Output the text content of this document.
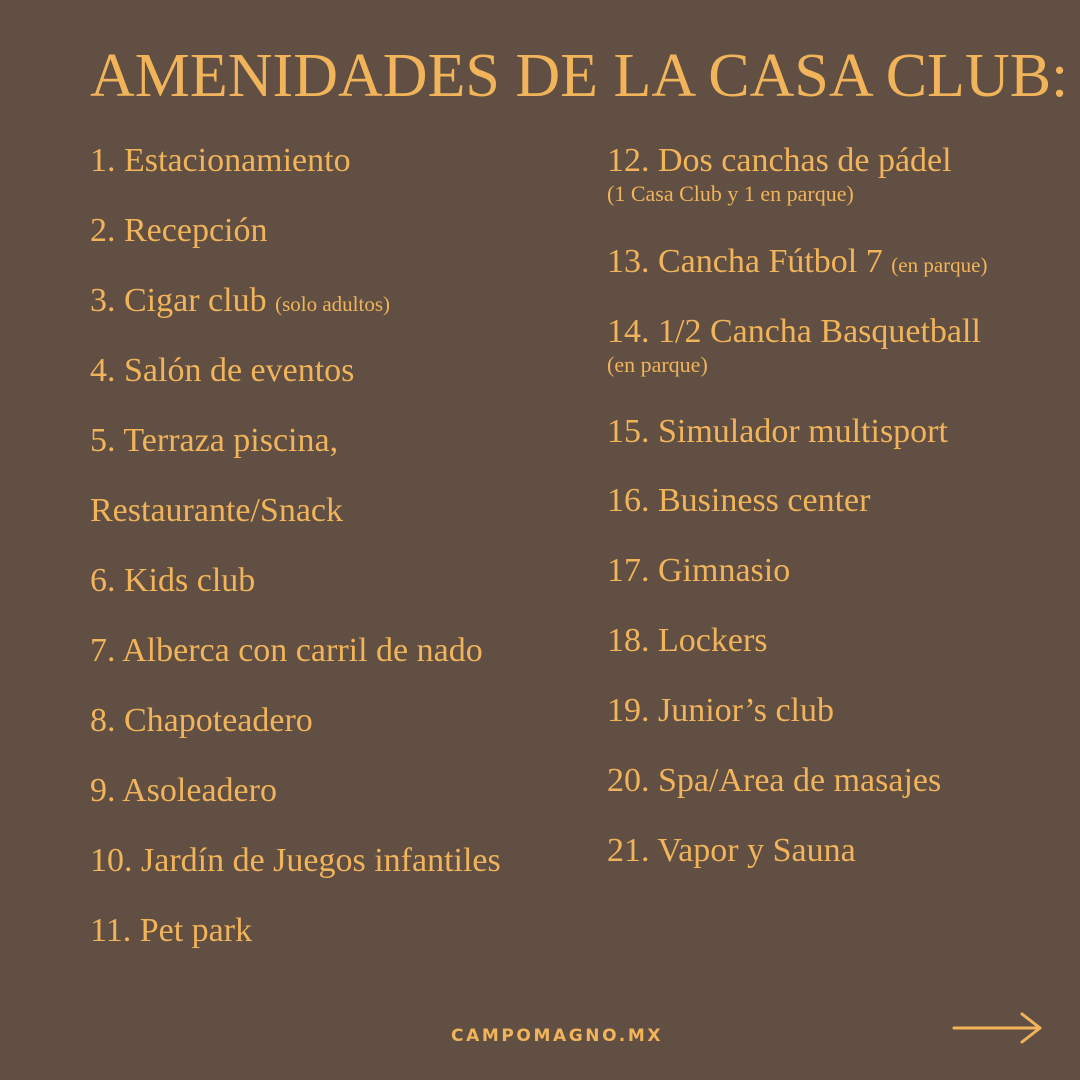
AMENIDADES DE LA CASA CLUB:
1. Estacionamiento
2. Recepción
3. Cigar club (solo adultos)
4. Salón de eventos
5. Terraza piscina,
Restaurante/Snack
6. Kids club
7. Alberca con carril de nado
8. Chapoteadero
9. Asoleadero
10. Jardín de Juegos infantiles
11. Pet park
12. Dos canchas de pádel
(1 Casa Club y 1 en parque)
13. Cancha Fútbol 7 (en parque)
14. 1/2 Cancha Basquetball
(en parque)
15. Simulador multisport
16. Business center
17. Gimnasio
18. Lockers
19. Junior’s club
20. Spa/Area de masajes
21. Vapor y Sauna
CAMPOMAGNO.MX
